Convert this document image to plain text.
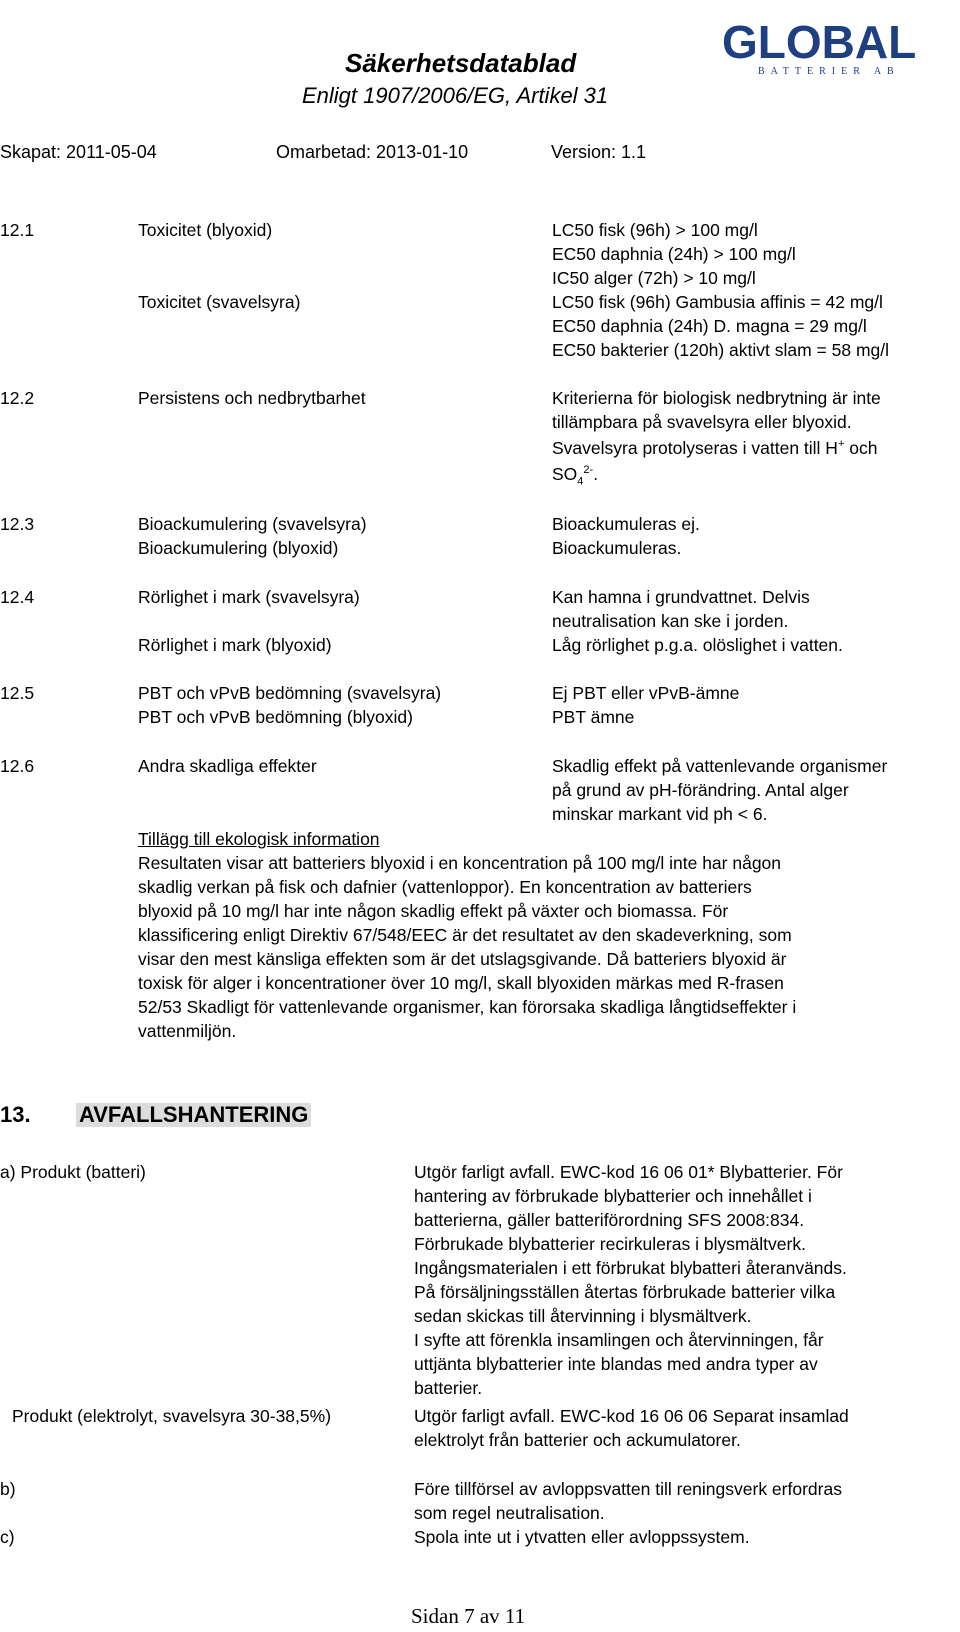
Säkerhetsdatablad
Enligt 1907/2006/EG, Artikel 31
GLOBAL
BATTERIER AB
Skapat: 2011-05-04	Omarbetad: 2013-01-10	Version: 1.1
12.1	Toxicitet (blyoxid)	LC50 fisk (96h) > 100 mg/l
EC50 daphnia (24h) > 100 mg/l
IC50 alger (72h) > 10 mg/l
Toxicitet (svavelsyra)	LC50 fisk (96h) Gambusia affinis = 42 mg/l
EC50 daphnia (24h) D. magna = 29 mg/l
EC50 bakterier (120h) aktivt slam = 58 mg/l
12.2	Persistens och nedbrytbarhet	Kriterierna för biologisk nedbrytning är inte
tillämpbara på svavelsyra eller blyoxid.
Svavelsyra protolyseras i vatten till H+ och
$SO_4^{2-}$.
12.3	Bioackumulering (svavelsyra)	Bioackumuleras ej.
Bioackumulering (blyoxid)	Bioackumuleras.
12.4	Rörlighet i mark (svavelsyra)	Kan hamna i grundvattnet. Delvis
neutralisation kan ske i jorden.
Rörlighet i mark (blyoxid)	Låg rörlighet p.g.a. olöslighet i vatten.
12.5	PBT och vPvB bedömning (svavelsyra)	Ej PBT eller vPvB-ämne
PBT och vPvB bedömning (blyoxid)	PBT ämne
12.6	Andra skadliga effekter	Skadlig effekt på vattenlevande organismer
på grund av pH-förändring. Antal alger
minskar markant vid ph < 6.
Tillägg till ekologisk information
Resultaten visar att batteriers blyoxid i en koncentration på 100 mg/l inte har någon
skadlig verkan på fisk och dafnier (vattenloppor). En koncentration av batteriers
blyoxid på 10 mg/l har inte någon skadlig effekt på växter och biomassa. För
klassificering enligt Direktiv 67/548/EEC är det resultatet av den skadeverkning, som
visar den mest känsliga effekten som är det utslagsgivande. Då batteriers blyoxid är
toxisk för alger i koncentrationer över 10 mg/l, skall blyoxiden märkas med R-frasen
52/53 Skadligt för vattenlevande organismer, kan förorsaka skadliga långtidseffekter i
vattenmiljön.
13. AVFALLSHANTERING
a) Produkt (batteri)	Utgör farligt avfall. EWC-kod 16 06 01* Blybatterier. För
hantering av förbrukade blybatterier och innehållet i
batterierna, gäller batteriförordning SFS 2008:834.
Förbrukade blybatterier recirkuleras i blysmältverk.
Ingångsmaterialen i ett förbrukat blybatteri återanvänds.
På försäljningsställen återtas förbrukade batterier vilka
sedan skickas till återvinning i blysmältverk.
I syfte att förenkla insamlingen och återvinningen, får
uttjänta blybatterier inte blandas med andra typer av
batterier.
Produkt (elektrolyt, svavelsyra 30-38,5%)	Utgör farligt avfall. EWC-kod 16 06 06 Separat insamlad
elektrolyt från batterier och ackumulatorer.
b)	Före tillförsel av avloppsvatten till reningsverk erfordras
som regel neutralisation.
c)	Spola inte ut i ytvatten eller avloppssystem.
Sidan 7 av 11
